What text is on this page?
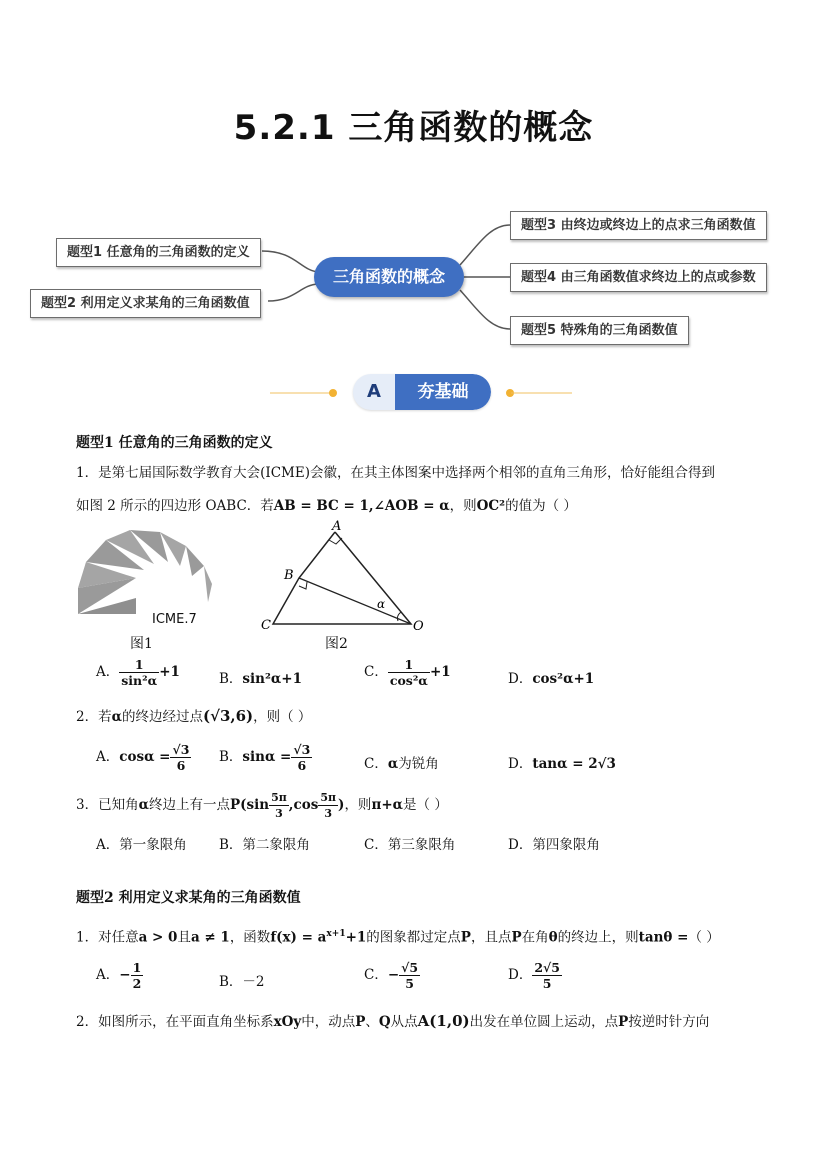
5.2.1 三角函数的概念
题型1 任意角的三角函数的定义
题型2 利用定义求某角的三角函数值
三角函数的概念
题型3 由终边或终边上的点求三角函数值
题型4 由三角函数值求终边上的点或参数
题型5 特殊角的三角函数值
A	夯基础
题型1 任意角的三角函数的定义
1．是第七届国际数学教育大会(ICME)会徽，在其主体图案中选择两个相邻的直角三角形，恰好能组合得到
如图 2 所示的四边形 OABC．若AB = BC = 1,∠AOB = α，则OC²的值为（ ）
ICME.7
图1
A
B
C	O
α
图2
A． $\frac{1}{\text{sin²α}} +1$	B．sin²α+1	C． $\frac{1}{\text{cos²α}} +1$	D．cos²α+1
2．若α的终边经过点(√3,6)，则（ ）
A．$\cos\alpha = \frac{√3}{6}$ B．$\sin\alpha = \frac{√3}{6}$	C．α为锐角	D．tanα = 2√3
3．已知角α终边上有一点$P(\sin \frac{5\pi}{3} ,\cos \frac{5\pi}{3}$ )，则π+α是（ ）
A．第一象限角 B．第二象限角	C．第三象限角	D．第四象限角
题型2 利用定义求某角的三角函数值
1．对任意a > 0且a ≠ 1，函数$f(x) = a^{x+1}+1$的图象都过定点P，且点P在角θ的终边上，则tanθ =（ ）
A．− $\frac{1}{2}$	B．－2	C．− $\frac{√5}{5}$	D． $\frac{2√5}{5}$
2．如图所示，在平面直角坐标系xOy中，动点P、Q从点A(1,0)出发在单位圆上运动，点P按逆时针方向
